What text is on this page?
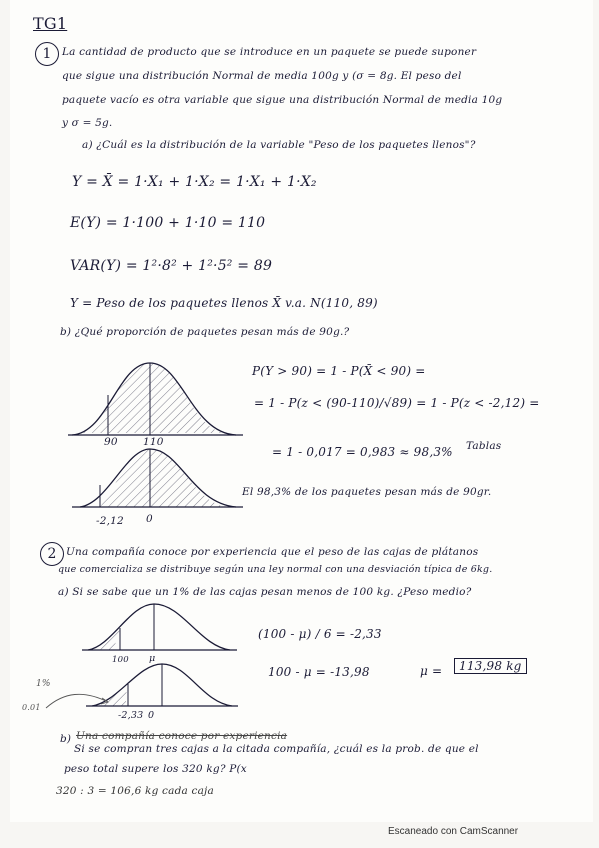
TG1
1 La cantidad de producto que se introduce en un paquete se puede suponer
que sigue una distribución Normal de media 100g y (σ = 8g. El peso del
paquete vacío es otra variable que sigue una distribución Normal de media 10g
y σ = 5g.
a) ¿Cuál es la distribución de la variable "Peso de los paquetes llenos"?
Y = X̄ = 1·X₁ + 1·X₂ = 1·X₁ + 1·X₂
E(Y) = 1·100 + 1·10 = 110
VAR(Y) = 1²·8² + 1²·5² = 89
Y = Peso de los paquetes llenos X̄ v.a. N(110, 89)
b) ¿Qué proporción de paquetes pesan más de 90g.?
90 110
-2,12 0
P(Y > 90) = 1 - P(X̄ < 90) =
= 1 - P(z < (90-110)/√89) = 1 - P(z < -2,12) =
Tablas
= 1 - 0,017 = 0,983 ≈ 98,3%
El 98,3% de los paquetes pesan más de 90gr.
2 Una compañía conoce por experiencia que el peso de las cajas de plátanos
que comercializa se distribuye según una ley normal con una desviación típica de 6kg.
a) Si se sabe que un 1% de las cajas pesan menos de 100 kg. ¿Peso medio?
100 μ
-2,33 0
1%
0.01
(100 - μ) / 6 = -2,33
100 - μ = -13,98	μ =	113,98 kg
b) Una compañía conoce por experiencia
Si se compran tres cajas a la citada compañía, ¿cuál es la prob. de que el
peso total supere los 320 kg? P(x
320 : 3 = 106,6 kg cada caja
Escaneado con CamScanner
